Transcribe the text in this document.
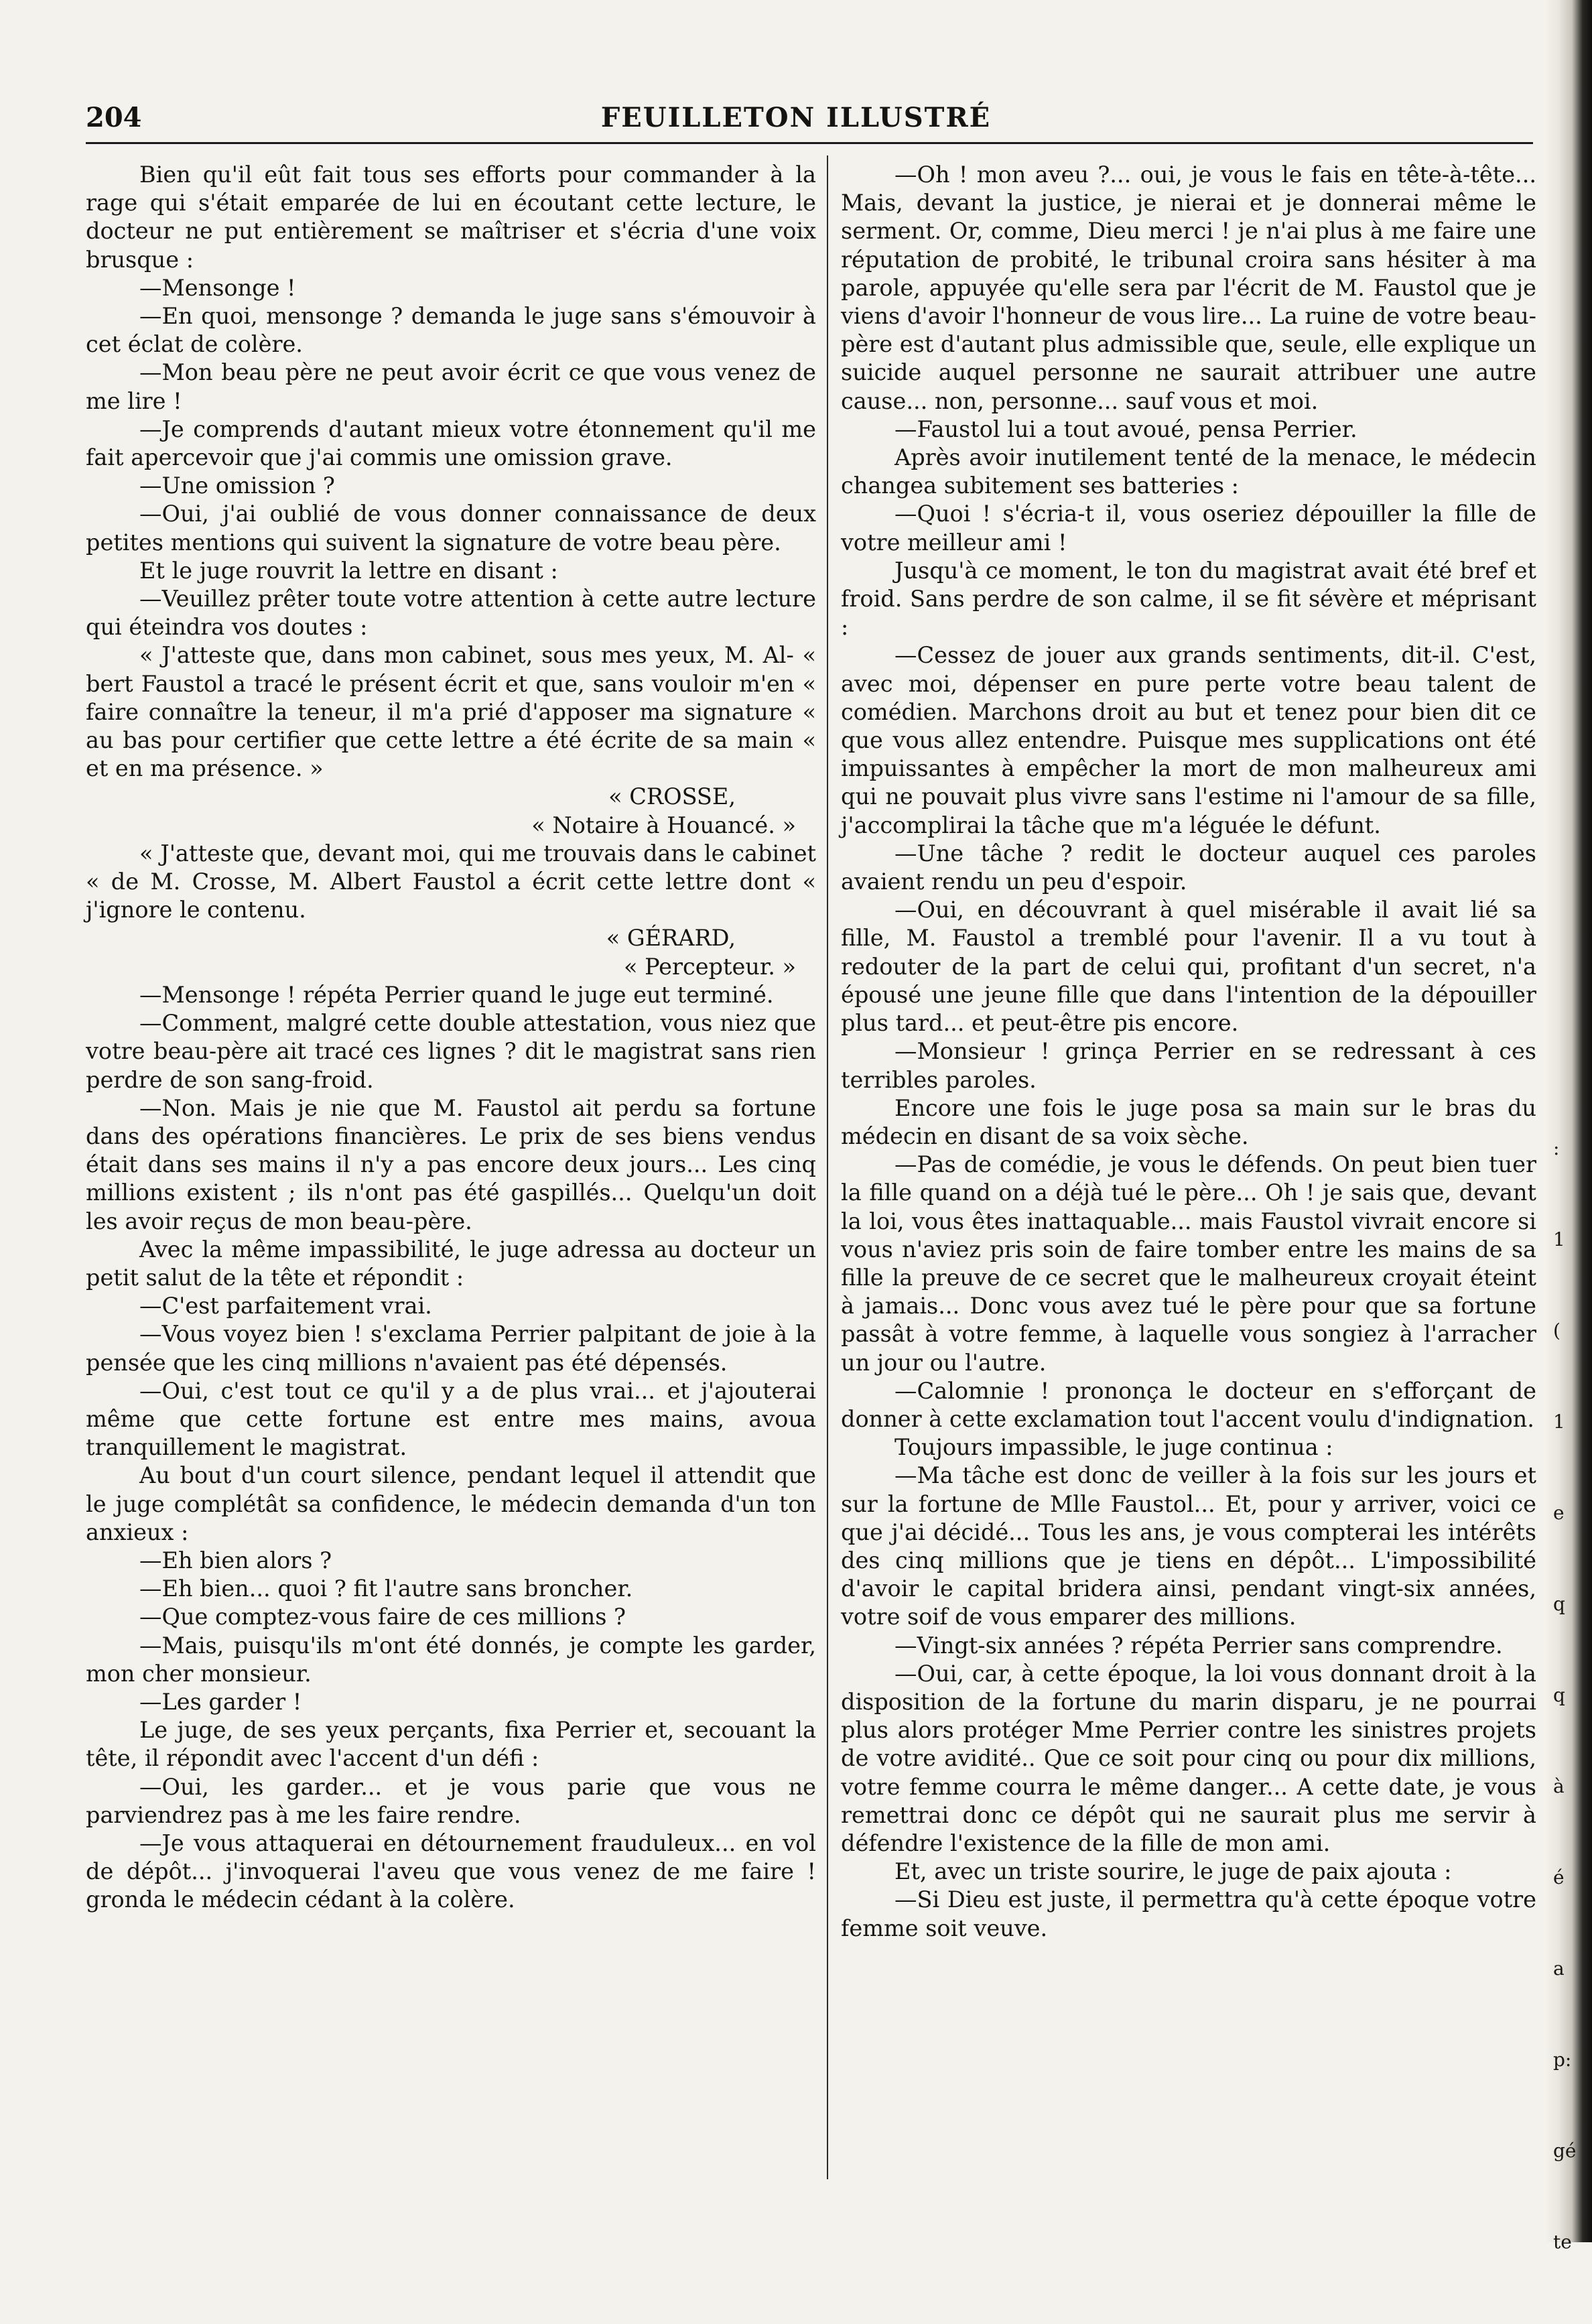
204	FEUILLETON ILLUSTRÉ

Bien qu'il eût fait tous ses efforts pour commander à la rage qui s'était emparée de lui en écoutant cette lecture, le docteur ne put entièrement se maîtriser et s'écria d'une voix brusque :

—Mensonge !

—En quoi, mensonge ? demanda le juge sans s'émouvoir à cet éclat de colère.

—Mon beau père ne peut avoir écrit ce que vous venez de me lire !

—Je comprends d'autant mieux votre étonnement qu'il me fait apercevoir que j'ai commis une omission grave.

—Une omission ?

—Oui, j'ai oublié de vous donner connaissance de deux petites mentions qui suivent la signature de votre beau père.

Et le juge rouvrit la lettre en disant :

—Veuillez prêter toute votre attention à cette autre lecture qui éteindra vos doutes :

« J'atteste que, dans mon cabinet, sous mes yeux, M. Al- « bert Faustol a tracé le présent écrit et que, sans vouloir m'en « faire connaître la teneur, il m'a prié d'apposer ma signature « au bas pour certifier que cette lettre a été écrite de sa main « et en ma présence. »

« CROSSE,

« Notaire à Houancé. »

« J'atteste que, devant moi, qui me trouvais dans le cabinet « de M. Crosse, M. Albert Faustol a écrit cette lettre dont « j'ignore le contenu.

« GÉRARD,

« Percepteur. »

—Mensonge ! répéta Perrier quand le juge eut terminé.

—Comment, malgré cette double attestation, vous niez que votre beau-père ait tracé ces lignes ? dit le magistrat sans rien perdre de son sang-froid.

—Non. Mais je nie que M. Faustol ait perdu sa fortune dans des opérations financières. Le prix de ses biens vendus était dans ses mains il n'y a pas encore deux jours... Les cinq millions existent ; ils n'ont pas été gaspillés... Quelqu'un doit les avoir reçus de mon beau-père.

Avec la même impassibilité, le juge adressa au docteur un petit salut de la tête et répondit :

—C'est parfaitement vrai.

—Vous voyez bien ! s'exclama Perrier palpitant de joie à la pensée que les cinq millions n'avaient pas été dépensés.

—Oui, c'est tout ce qu'il y a de plus vrai... et j'ajouterai même que cette fortune est entre mes mains, avoua tranquillement le magistrat.

Au bout d'un court silence, pendant lequel il attendit que le juge complétât sa confidence, le médecin demanda d'un ton anxieux :

—Eh bien alors ?

—Eh bien... quoi ? fit l'autre sans broncher.

—Que comptez-vous faire de ces millions ?

—Mais, puisqu'ils m'ont été donnés, je compte les garder, mon cher monsieur.

—Les garder !

Le juge, de ses yeux perçants, fixa Perrier et, secouant la tête, il répondit avec l'accent d'un défi :

—Oui, les garder... et je vous parie que vous ne parviendrez pas à me les faire rendre.

—Je vous attaquerai en détournement frauduleux... en vol de dépôt... j'invoquerai l'aveu que vous venez de me faire ! gronda le médecin cédant à la colère.

—Oh ! mon aveu ?... oui, je vous le fais en tête-à-tête... Mais, devant la justice, je nierai et je donnerai même le serment. Or, comme, Dieu merci ! je n'ai plus à me faire une réputation de probité, le tribunal croira sans hésiter à ma parole, appuyée qu'elle sera par l'écrit de M. Faustol que je viens d'avoir l'honneur de vous lire... La ruine de votre beau-père est d'autant plus admissible que, seule, elle explique un suicide auquel personne ne saurait attribuer une autre cause... non, personne... sauf vous et moi.

—Faustol lui a tout avoué, pensa Perrier.

Après avoir inutilement tenté de la menace, le médecin changea subitement ses batteries :

—Quoi ! s'écria-t il, vous oseriez dépouiller la fille de votre meilleur ami !

Jusqu'à ce moment, le ton du magistrat avait été bref et froid. Sans perdre de son calme, il se fit sévère et méprisant :

—Cessez de jouer aux grands sentiments, dit-il. C'est, avec moi, dépenser en pure perte votre beau talent de comédien. Marchons droit au but et tenez pour bien dit ce que vous allez entendre. Puisque mes supplications ont été impuissantes à empêcher la mort de mon malheureux ami qui ne pouvait plus vivre sans l'estime ni l'amour de sa fille, j'accomplirai la tâche que m'a léguée le défunt.

—Une tâche ? redit le docteur auquel ces paroles avaient rendu un peu d'espoir.

—Oui, en découvrant à quel misérable il avait lié sa fille, M. Faustol a tremblé pour l'avenir. Il a vu tout à redouter de la part de celui qui, profitant d'un secret, n'a épousé une jeune fille que dans l'intention de la dépouiller plus tard... et peut-être pis encore.

—Monsieur ! grinça Perrier en se redressant à ces terribles paroles.

Encore une fois le juge posa sa main sur le bras du médecin en disant de sa voix sèche.

—Pas de comédie, je vous le défends. On peut bien tuer la fille quand on a déjà tué le père... Oh ! je sais que, devant la loi, vous êtes inattaquable... mais Faustol vivrait encore si vous n'aviez pris soin de faire tomber entre les mains de sa fille la preuve de ce secret que le malheureux croyait éteint à jamais... Donc vous avez tué le père pour que sa fortune passât à votre femme, à laquelle vous songiez à l'arracher un jour ou l'autre.

—Calomnie ! prononça le docteur en s'efforçant de donner à cette exclamation tout l'accent voulu d'indignation.

Toujours impassible, le juge continua :

—Ma tâche est donc de veiller à la fois sur les jours et sur la fortune de Mlle Faustol... Et, pour y arriver, voici ce que j'ai décidé... Tous les ans, je vous compterai les intérêts des cinq millions que je tiens en dépôt... L'impossibilité d'avoir le capital bridera ainsi, pendant vingt-six années, votre soif de vous emparer des millions.

—Vingt-six années ? répéta Perrier sans comprendre.

—Oui, car, à cette époque, la loi vous donnant droit à la disposition de la fortune du marin disparu, je ne pourrai plus alors protéger Mme Perrier contre les sinistres projets de votre avidité.. Que ce soit pour cinq ou pour dix millions, votre femme courra le même danger... A cette date, je vous remettrai donc ce dépôt qui ne saurait plus me servir à défendre l'existence de la fille de mon ami.

Et, avec un triste sourire, le juge de paix ajouta :

—Si Dieu est juste, il permettra qu'à cette époque votre femme soit veuve.

:
1
(
1
e
q
q
à
é
a
p:
gé
te
